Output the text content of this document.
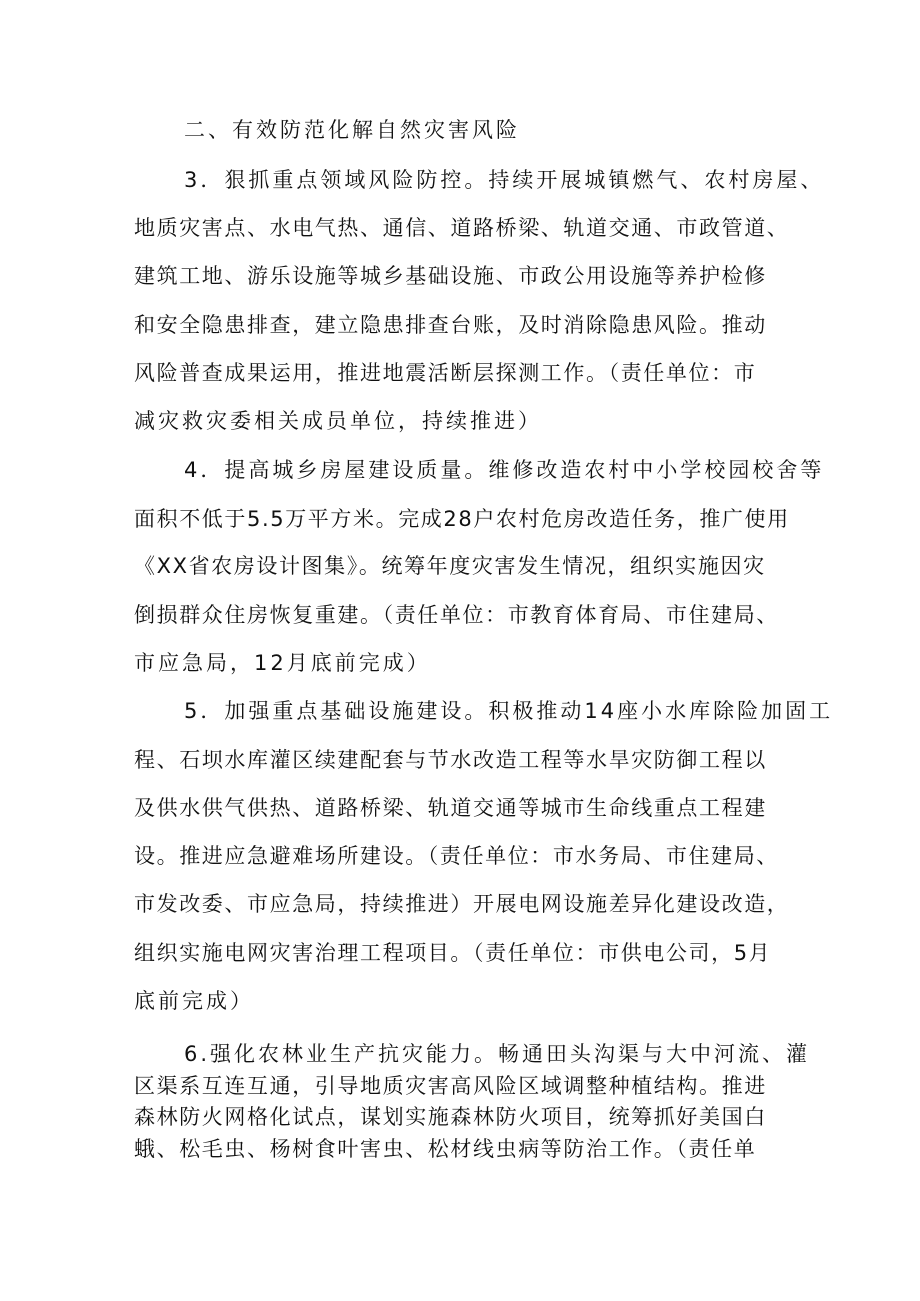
二、有效防范化解自然灾害风险
3．狠抓重点领域风险防控。持续开展城镇燃气、农村房屋、
地质灾害点、水电气热、通信、道路桥梁、轨道交通、市政管道、
建筑工地、游乐设施等城乡基础设施、市政公用设施等养护检修
和安全隐患排查，建立隐患排查台账，及时消除隐患风险。推动
风险普查成果运用，推进地震活断层探测工作。（责任单位：市
减灾救灾委相关成员单位，持续推进）
4．提高城乡房屋建设质量。维修改造农村中小学校园校舍等
面积不低于5.5万平方米。完成28户农村危房改造任务，推广使用
《XX省农房设计图集》。统筹年度灾害发生情况，组织实施因灾
倒损群众住房恢复重建。（责任单位：市教育体育局、市住建局、
市应急局，12月底前完成）
5．加强重点基础设施建设。积极推动14座小水库除险加固工
程、石坝水库灌区续建配套与节水改造工程等水旱灾防御工程以
及供水供气供热、道路桥梁、轨道交通等城市生命线重点工程建
设。推进应急避难场所建设。（责任单位：市水务局、市住建局、
市发改委、市应急局，持续推进）开展电网设施差异化建设改造，
组织实施电网灾害治理工程项目。（责任单位：市供电公司，5月
底前完成）
6.强化农林业生产抗灾能力。畅通田头沟渠与大中河流、灌
区渠系互连互通，引导地质灾害高风险区域调整种植结构。推进
森林防火网格化试点，谋划实施森林防火项目，统筹抓好美国白
蛾、松毛虫、杨树食叶害虫、松材线虫病等防治工作。（责任单
